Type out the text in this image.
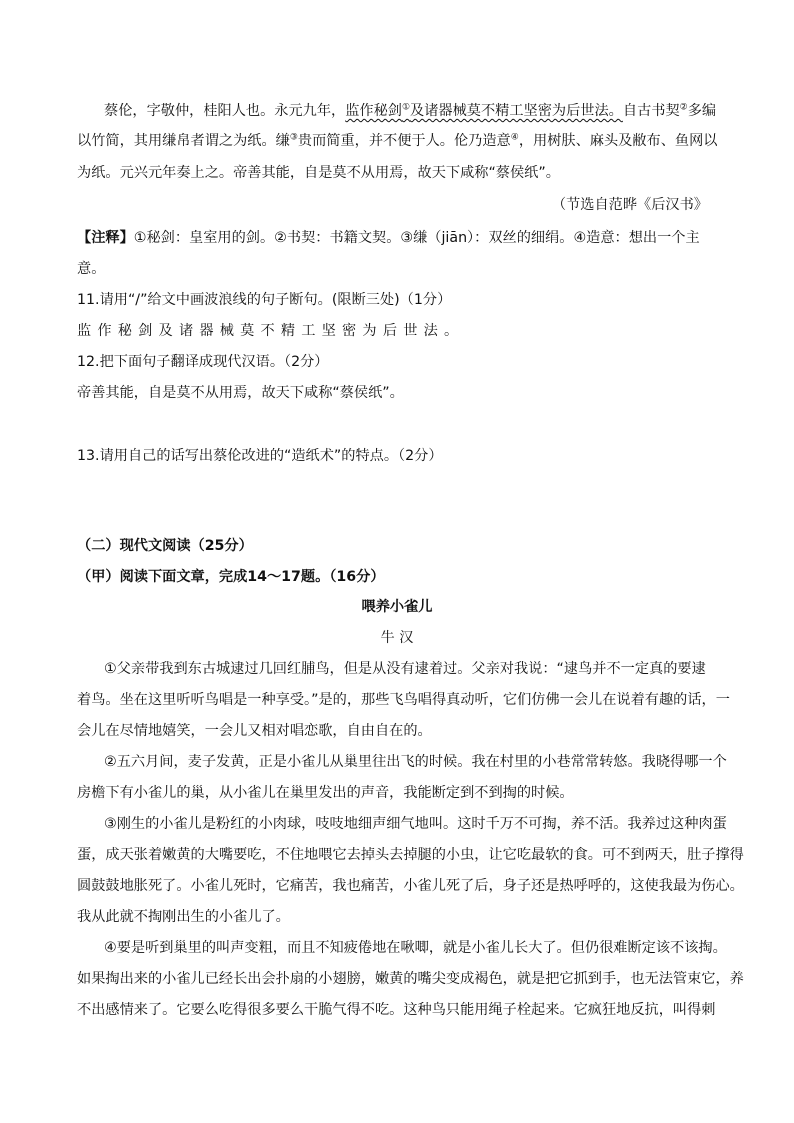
蔡伦，字敬仲，桂阳人也。永元九年，监作秘剑①及诸器械莫不精工坚密为后世法。自古书契②多编
以竹简，其用缣帛者谓之为纸。缣③贵而简重，并不便于人。伦乃造意④，用树肤、麻头及敝布、鱼网以
为纸。元兴元年奏上之。帝善其能，自是莫不从用焉，故天下咸称“蔡侯纸”。
（节选自范晔《后汉书》
【注释】①秘剑：皇室用的剑。②书契：书籍文契。③缣（jiān）：双丝的细绢。④造意：想出一个主
意。
11.请用“/”给文中画波浪线的句子断句。(限断三处)（1分）
监作秘剑及诸器械莫不精工坚密为后世法。
12.把下面句子翻译成现代汉语。（2分）
帝善其能，自是莫不从用焉，故天下咸称“蔡侯纸”。
13.请用自己的话写出蔡伦改进的“造纸术”的特点。（2分）
（二）现代文阅读（25分）
（甲）阅读下面文章，完成14～17题。（16分）
喂养小雀儿
牛 汉
①父亲带我到东古城逮过几回红脯鸟，但是从没有逮着过。父亲对我说：“逮鸟并不一定真的要逮
着鸟。坐在这里听听鸟唱是一种享受。”是的，那些飞鸟唱得真动听，它们仿佛一会儿在说着有趣的话，一
会儿在尽情地嬉笑，一会儿又相对唱恋歌，自由自在的。
②五六月间，麦子发黄，正是小雀儿从巢里往出飞的时候。我在村里的小巷常常转悠。我晓得哪一个
房檐下有小雀儿的巢，从小雀儿在巢里发出的声音，我能断定到不到掏的时候。
③刚生的小雀儿是粉红的小肉球，吱吱地细声细气地叫。这时千万不可掏，养不活。我养过这种肉蛋
蛋，成天张着嫩黄的大嘴要吃，不住地喂它去掉头去掉腿的小虫，让它吃最软的食。可不到两天，肚子撑得
圆鼓鼓地胀死了。小雀儿死时，它痛苦，我也痛苦，小雀儿死了后，身子还是热呼呼的，这使我最为伤心。
我从此就不掏刚出生的小雀儿了。
④要是听到巢里的叫声变粗，而且不知疲倦地在啾唧，就是小雀儿长大了。但仍很难断定该不该掏。
如果掏出来的小雀儿已经长出会扑扇的小翅膀，嫩黄的嘴尖变成褐色，就是把它抓到手，也无法管束它，养
不出感情来了。它要么吃得很多要么干脆气得不吃。这种鸟只能用绳子栓起来。它疯狂地反抗，叫得刺
